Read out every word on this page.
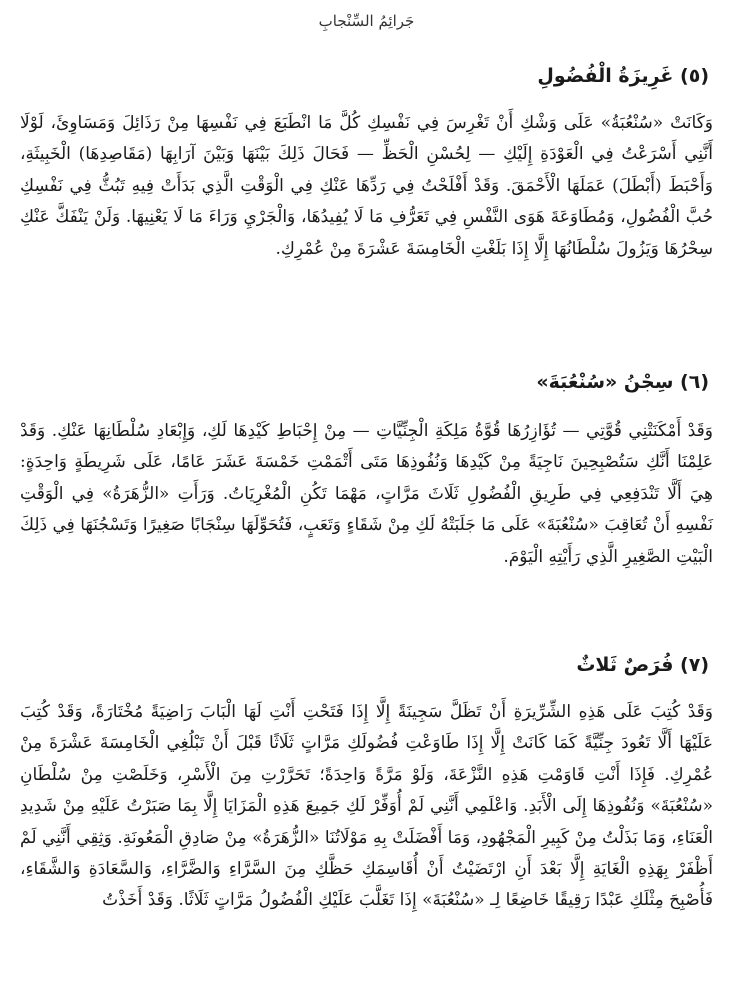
جَرائِمُ السِّنْجابِ
(٥) غَرِيزَةُ الْفُضُولِ

وَكَانَتْ «سُنْعُبَةُ» عَلَى وَشْكِ أَنْ تَغْرِسَ فِي نَفْسِكِ كُلَّ مَا انْطَبَعَ فِي نَفْسِهَا مِنْ رَذَائِلَ وَمَسَاوِئَ، لَوْلَا أَنَّنِي أَسْرَعْتُ فِي الْعَوْدَةِ إِلَيْكِ — لِحُسْنِ الْحَظِّ — فَحَالَ ذَلِكَ بَيْنَهَا وَبَيْنَ آرَابِهَا (مَقَاصِدِهَا) الْخَبِيثَةِ، وَأَحْبَطَ (أَبْطَلَ) عَمَلَهَا الْأَحْمَقَ. وَقَدْ أَفْلَحْتُ فِي رَدِّهَا عَنْكِ فِي الْوَقْتِ الَّذِي بَدَأَتْ فِيهِ تَبُثُّ فِي نَفْسِكِ حُبَّ الْفُضُولِ، وَمُطَاوَعَةَ هَوَى النَّفْسِ فِي تَعَرُّفِ مَا لَا يُفِيدُهَا، وَالْجَرْيِ وَرَاءَ مَا لَا يَعْنِيهَا. وَلَنْ يَنْفَكَّ عَنْكِ سِحْرُهَا وَيَزُولَ سُلْطَانُهَا إِلَّا إِذَا بَلَغْتِ الْخَامِسَةَ عَشْرَةَ مِنْ عُمْرِكِ.

(٦) سِجْنُ «سُنْعُبَةَ»

وَقَدْ أَمْكَنَتْنِي قُوَّتِي — تُؤَازِرُهَا قُوَّةُ مَلِكَةِ الْجِنِّيَّاتِ — مِنْ إِحْبَاطِ كَيْدِهَا لَكِ، وَإِبْعَادِ سُلْطَانِهَا عَنْكِ. وَقَدْ عَلِمْنَا أَنَّكِ سَتُصْبِحِينَ نَاجِيَةً مِنْ كَيْدِهَا وَنُفُوذِهَا مَتَى أَتْمَمْتِ خَمْسَةَ عَشَرَ عَامًا، عَلَى شَرِيطَةٍ وَاحِدَةٍ: هِيَ أَلَّا تَنْدَفِعِي فِي طَرِيقِ الْفُضُولِ ثَلَاثَ مَرَّاتٍ، مَهْمَا تَكُنِ الْمُغْرِيَاتُ. وَرَأَتِ «الزُّهَرَةُ» فِي الْوَقْتِ نَفْسِهِ أَنْ تُعَاقِبَ «سُنْعُبَةَ» عَلَى مَا جَلَبَتْهُ لَكِ مِنْ شَقَاءٍ وَتَعَبٍ، فَتُحَوِّلَهَا سِنْجَابًا صَغِيرًا وَتَسْجُنَهَا فِي ذَلِكَ الْبَيْتِ الصَّغِيرِ الَّذِي رَأَيْتِهِ الْيَوْمَ.

(٧) فُرَصٌ ثَلاثٌ

وَقَدْ كُتِبَ عَلَى هَذِهِ الشِّرِّيرَةِ أَنْ تَظَلَّ سَجِينَةً إِلَّا إِذَا فَتَحْتِ أَنْتِ لَهَا الْبَابَ رَاضِيَةً مُخْتَارَةً، وَقَدْ كُتِبَ عَلَيْهَا أَلَّا تَعُودَ جِنِّيَّةً كَمَا كَانَتْ إِلَّا إِذَا طَاوَعْتِ فُضُولَكِ مَرَّاتٍ ثَلَاثًا قَبْلَ أَنْ تَبْلُغِي الْخَامِسَةَ عَشْرَةَ مِنْ عُمْرِكِ. فَإِذَا أَنْتِ قَاوَمْتِ هَذِهِ النَّزْعَةَ، وَلَوْ مَرَّةً وَاحِدَةً؛ تَحَرَّرْتِ مِنَ الْأَسْرِ، وَخَلَصْتِ مِنْ سُلْطَانِ «سُنْعُبَةَ» وَنُفُوذِهَا إِلَى الْأَبَدِ. وَاعْلَمِي أَنَّنِي لَمْ أُوَفِّرْ لَكِ جَمِيعَ هَذِهِ الْمَزَايَا إِلَّا بِمَا صَبَرْتُ عَلَيْهِ مِنْ شَدِيدِ الْعَنَاءِ، وَمَا بَذَلْتُ مِنْ كَبِيرِ الْمَجْهُودِ، وَمَا أَفْضَلَتْ بِهِ مَوْلَاتُنَا «الزُّهَرَةُ» مِنْ صَادِقِ الْمَعُونَةِ. وَثِقِي أَنَّنِي لَمْ أَظْفَرْ بِهَذِهِ الْغَايَةِ إِلَّا بَعْدَ أَنِ ارْتَضَيْتُ أَنْ أُقَاسِمَكِ حَظَّكِ مِنَ السَّرَّاءِ وَالضَّرَّاءِ، وَالسَّعَادَةِ وَالشَّقَاءِ، فَأُصْبِحَ مِثْلَكِ عَبْدًا رَقِيقًا خَاضِعًا لِـ «سُنْعُبَةَ» إِذَا تَغَلَّبَ عَلَيْكِ الْفُضُولُ مَرَّاتٍ ثَلَاثًا. وَقَدْ أَخَذْتُ
